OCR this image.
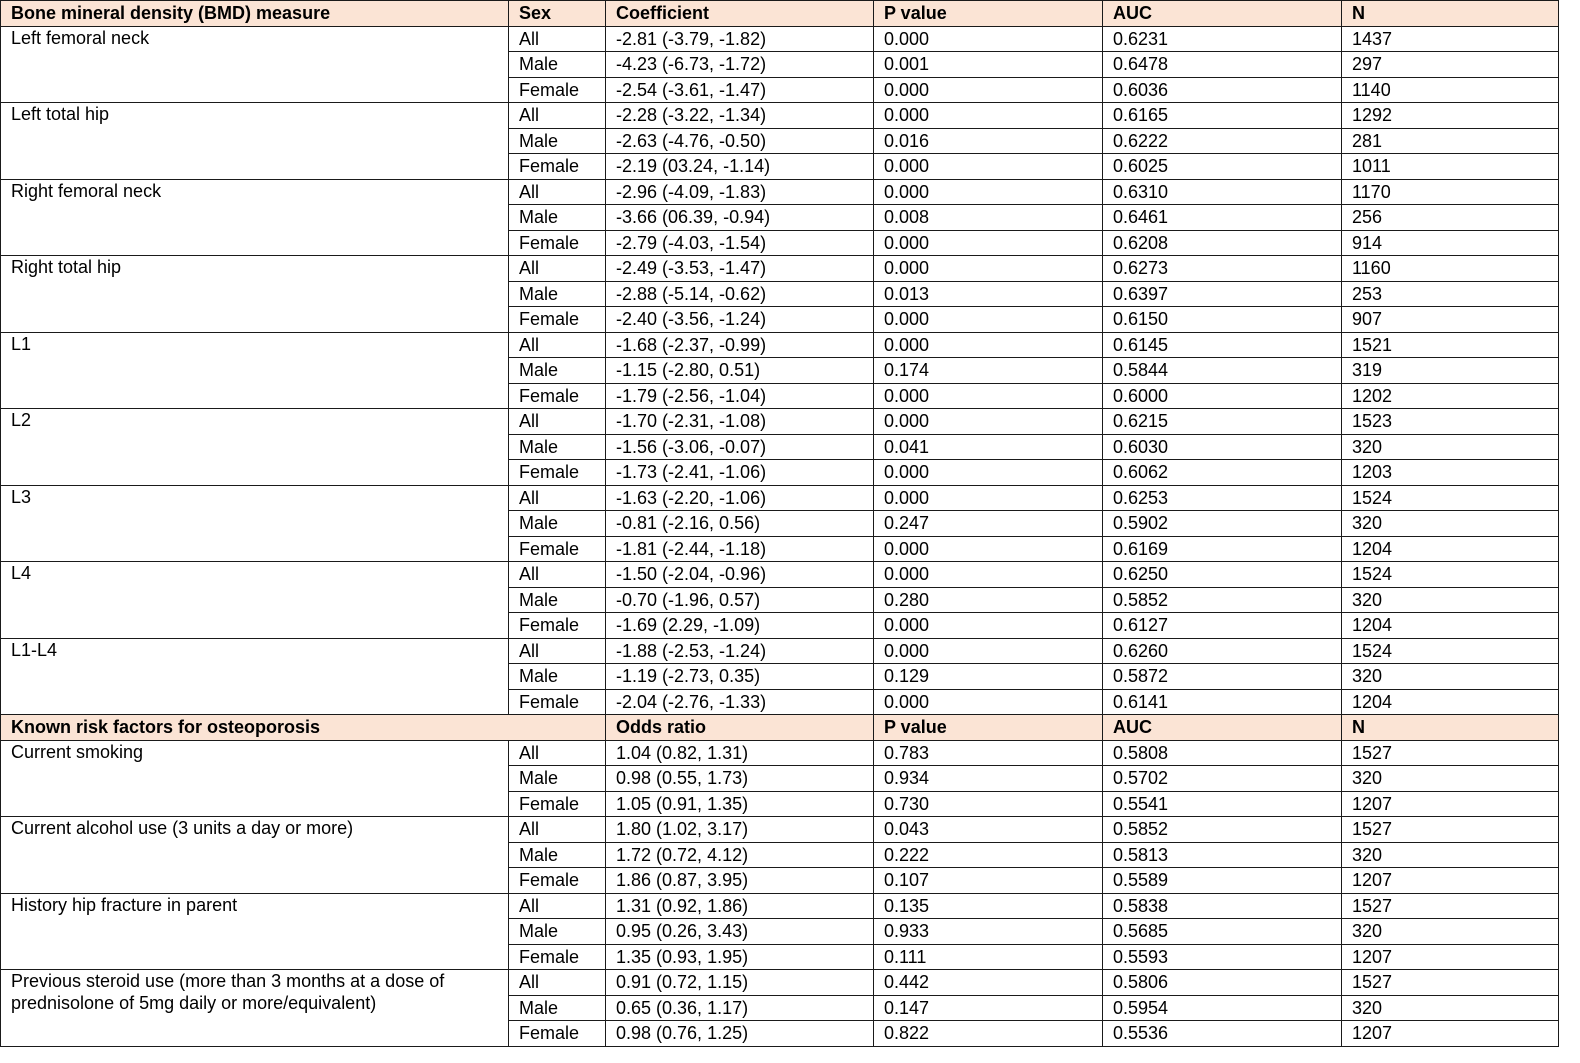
Bone mineral density (BMD) measure	Sex	Coefficient	P value	AUC	N
Left femoral neck	All	-2.81 (-3.79, -1.82)	0.000	0.6231	1437
	Male	-4.23 (-6.73, -1.72)	0.001	0.6478	297
	Female	-2.54 (-3.61, -1.47)	0.000	0.6036	1140
Left total hip	All	-2.28 (-3.22, -1.34)	0.000	0.6165	1292
	Male	-2.63 (-4.76, -0.50)	0.016	0.6222	281
	Female	-2.19 (03.24, -1.14)	0.000	0.6025	1011
Right femoral neck	All	-2.96 (-4.09, -1.83)	0.000	0.6310	1170
	Male	-3.66 (06.39, -0.94)	0.008	0.6461	256
	Female	-2.79 (-4.03, -1.54)	0.000	0.6208	914
Right total hip	All	-2.49 (-3.53, -1.47)	0.000	0.6273	1160
	Male	-2.88 (-5.14, -0.62)	0.013	0.6397	253
	Female	-2.40 (-3.56, -1.24)	0.000	0.6150	907
L1	All	-1.68 (-2.37, -0.99)	0.000	0.6145	1521
	Male	-1.15 (-2.80, 0.51)	0.174	0.5844	319
	Female	-1.79 (-2.56, -1.04)	0.000	0.6000	1202
L2	All	-1.70 (-2.31, -1.08)	0.000	0.6215	1523
	Male	-1.56 (-3.06, -0.07)	0.041	0.6030	320
	Female	-1.73 (-2.41, -1.06)	0.000	0.6062	1203
L3	All	-1.63 (-2.20, -1.06)	0.000	0.6253	1524
	Male	-0.81 (-2.16, 0.56)	0.247	0.5902	320
	Female	-1.81 (-2.44, -1.18)	0.000	0.6169	1204
L4	All	-1.50 (-2.04, -0.96)	0.000	0.6250	1524
	Male	-0.70 (-1.96, 0.57)	0.280	0.5852	320
	Female	-1.69 (2.29, -1.09)	0.000	0.6127	1204
L1-L4	All	-1.88 (-2.53, -1.24)	0.000	0.6260	1524
	Male	-1.19 (-2.73, 0.35)	0.129	0.5872	320
	Female	-2.04 (-2.76, -1.33)	0.000	0.6141	1204
Known risk factors for osteoporosis		Odds ratio	P value	AUC	N
Current smoking	All	1.04 (0.82, 1.31)	0.783	0.5808	1527
	Male	0.98 (0.55, 1.73)	0.934	0.5702	320
	Female	1.05 (0.91, 1.35)	0.730	0.5541	1207
Current alcohol use (3 units a day or more)	All	1.80 (1.02, 3.17)	0.043	0.5852	1527
	Male	1.72 (0.72, 4.12)	0.222	0.5813	320
	Female	1.86 (0.87, 3.95)	0.107	0.5589	1207
History hip fracture in parent	All	1.31 (0.92, 1.86)	0.135	0.5838	1527
	Male	0.95 (0.26, 3.43)	0.933	0.5685	320
	Female	1.35 (0.93, 1.95)	0.111	0.5593	1207
Previous steroid use (more than 3 months at a dose of prednisolone of 5mg daily or more/equivalent)	All	0.91 (0.72, 1.15)	0.442	0.5806	1527
	Male	0.65 (0.36, 1.17)	0.147	0.5954	320
	Female	0.98 (0.76, 1.25)	0.822	0.5536	1207
